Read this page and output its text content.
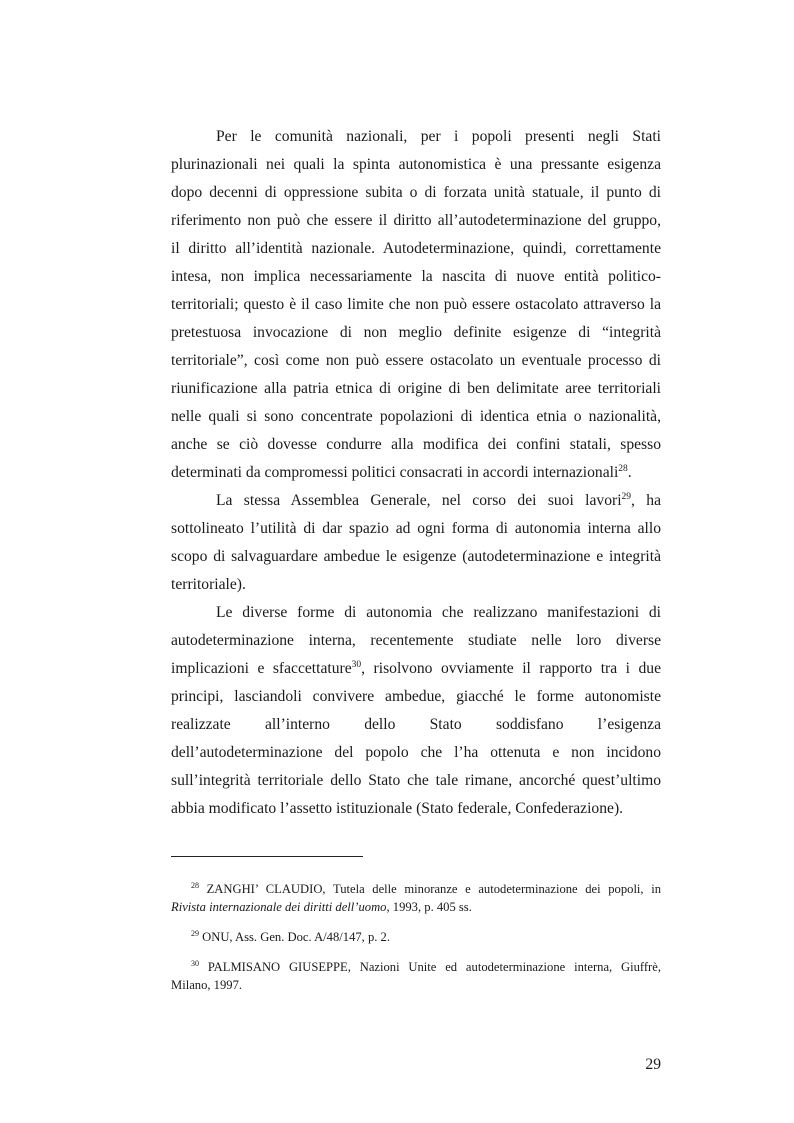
Per le comunità nazionali, per i popoli presenti negli Stati
plurinazionali nei quali la spinta autonomistica è una pressante esigenza
dopo decenni di oppressione subita o di forzata unità statuale, il punto di
riferimento non può che essere il diritto all’autodeterminazione del gruppo,
il diritto all’identità nazionale. Autodeterminazione, quindi, correttamente
intesa, non implica necessariamente la nascita di nuove entità politico-
territoriali; questo è il caso limite che non può essere ostacolato attraverso la
pretestuosa invocazione di non meglio definite esigenze di “integrità
territoriale”, così come non può essere ostacolato un eventuale processo di
riunificazione alla patria etnica di origine di ben delimitate aree territoriali
nelle quali si sono concentrate popolazioni di identica etnia o nazionalità,
anche se ciò dovesse condurre alla modifica dei confini statali, spesso
determinati da compromessi politici consacrati in accordi internazionali$^{28}$.
La stessa Assemblea Generale, nel corso dei suoi lavori$^{29}$, ha
sottolineato l’utilità di dar spazio ad ogni forma di autonomia interna allo
scopo di salvaguardare ambedue le esigenze (autodeterminazione e integrità
territoriale).
Le diverse forme di autonomia che realizzano manifestazioni di
autodeterminazione interna, recentemente studiate nelle loro diverse
implicazioni e sfaccettature$^{30}$, risolvono ovviamente il rapporto tra i due
principi, lasciandoli convivere ambedue, giacché le forme autonomiste
realizzate all’interno dello Stato soddisfano l’esigenza
dell’autodeterminazione del popolo che l’ha ottenuta e non incidono
sull’integrità territoriale dello Stato che tale rimane, ancorché quest’ultimo
abbia modificato l’assetto istituzionale (Stato federale, Confederazione).
$^{28}$ ZANGHI’ CLAUDIO, Tutela delle minoranze e autodeterminazione dei popoli, in
Rivista internazionale dei diritti dell’uomo, 1993, p. 405 ss.
$^{29}$ ONU, Ass. Gen. Doc. A/48/147, p. 2.
$^{30}$ PALMISANO GIUSEPPE, Nazioni Unite ed autodeterminazione interna, Giuffrè,
Milano, 1997.
29
